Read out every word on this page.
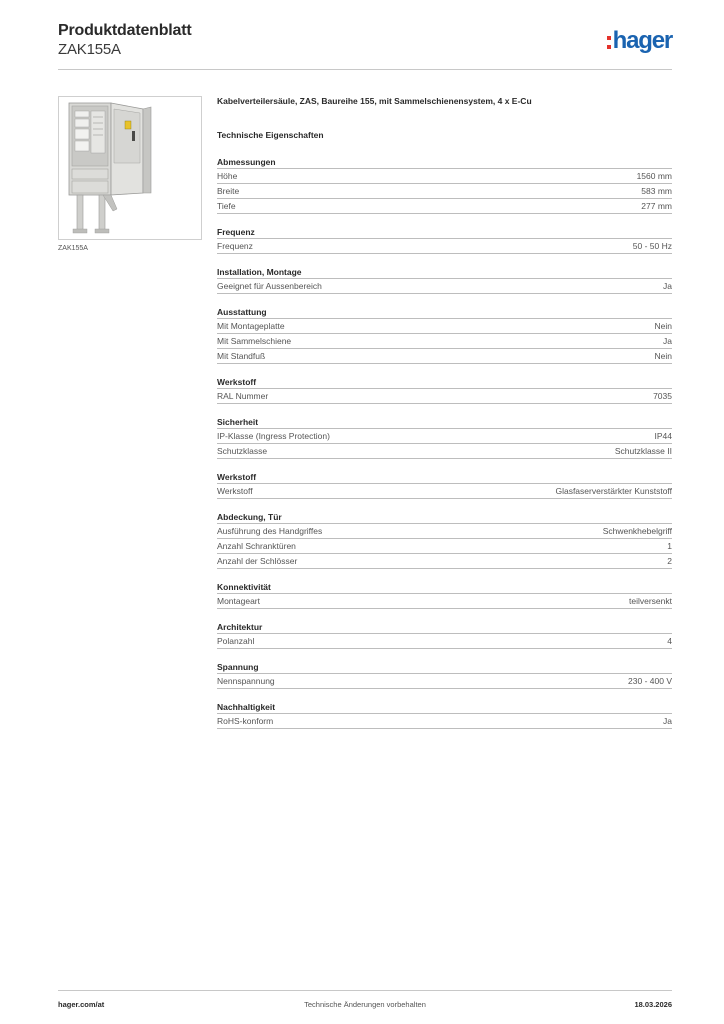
Produktdatenblatt
ZAK155A	hager
ZAK155A
Kabelverteilersäule, ZAS, Baureihe 155, mit Sammelschienensystem, 4 x E-Cu
Technische Eigenschaften
Abmessungen
Höhe	1560 mm
Breite	583 mm
Tiefe	277 mm
Frequenz
Frequenz	50 - 50 Hz
Installation, Montage
Geeignet für Aussenbereich	Ja
Ausstattung
Mit Montageplatte	Nein
Mit Sammelschiene	Ja
Mit Standfuß	Nein
Werkstoff
RAL Nummer	7035
Sicherheit
IP-Klasse (Ingress Protection)	IP44
Schutzklasse	Schutzklasse II
Werkstoff
Werkstoff	Glasfaserverstärkter Kunststoff
Abdeckung, Tür
Ausführung des Handgriffes	Schwenkhebelgriff
Anzahl Schranktüren	1
Anzahl der Schlösser	2
Konnektivität
Montageart	teilversenkt
Architektur
Polanzahl	4
Spannung
Nennspannung	230 - 400 V
Nachhaltigkeit
RoHS-konform	Ja
hager.com/at	Technische Änderungen vorbehalten	18.03.2026
